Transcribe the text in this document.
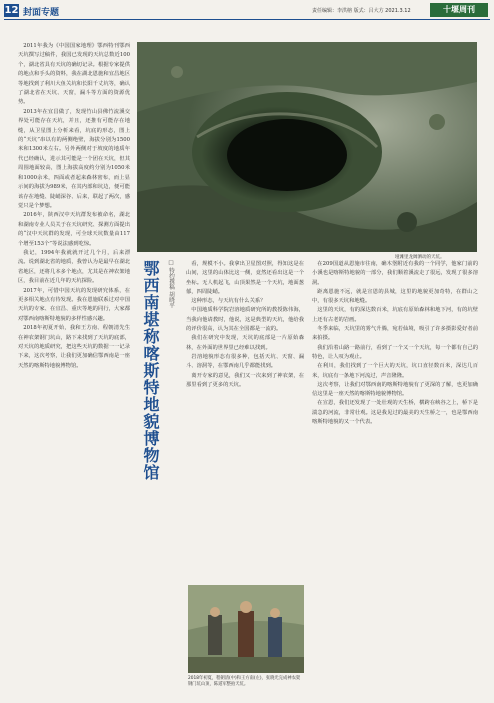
12 封面专题	责任编辑：李洪榕 版式：吕大方 2021.3.12	十堰周刊

2011年我为《中国国家地理》鄂西特刊鄂西天坑撰写过稿件，我国已发现的天坑总数近100个，湖北省具有天坑的确切记录。根据专家提供的地点和手头的资料，我在湖北恩施和宜昌地区等地找到了利川大鱼关坑和长阳千丈坑等，确认了湖北省在天坑、天窗，漏斗等方面的资源优势。

2013年在宜昌做了，发现竹山县佛竹流溪交界处可能存在天坑，并且，还推有可能存在地缝，从卫星图上分析来看，坑底的形态，图上的“天坑”串以有的两侧绝壁，海拔分别为1500米和1300米左右。另外两侧对于坡度的地质年代已经确认，进示其可能是一个团在天坑，但其周围地面较高，图上海拔高度约分别为1050米和1000余米，四面或者起来森林密布，而上显示间的海拔为989米，在其内部和坑边，便可能该存在地缝、陡峭深谷、后来，联起了两次，感觉只是个梦想。

2016年，陕西汉中天坑群发布被命名，湖北和湖南专业人员关于在天坑研究、探测方面提出的“汉中天坑群的发现，可全球天坑数量由117个增至153个”等说法感到吃惊。

我记，1994年我就就开过几个月，后来漂流。说到湖北省的地质，我曾认为是最早在湖北省地区，还将几本多个地点，尤其是在神农架地区，我目前在近几年的天坑探险。

2017年，可惜中国天坑的发现研究体系，在更多相关地点有待发现。我在恩施联系过对中国天坑的专家、在宜昌、重庆等地的同行，大家都对鄂西南喀斯特地貌的多样性感兴趣。

2018年初夏开始，我和王方南、程朝清先生在神农架钢门坑山，路下来找到了天坑的底部，对天坑的地质研究，把这些天坑的数据一一记录下来，这次考察，让我们更加确信鄂西南是一座天然的喀斯特地貌博物馆。

垭滩里龙阔洒动的天坑。
鄂西南堪称喀斯特地貌博物馆 □ 特约撰稿 胡晓平	看，规模不小。我拿出卫星图对照，得知这是在山间，这里的山体比这一侧，竟然还看出这是一个坐标。无人机起飞，山顶果然是一个天坑，地面葱郁，四周陡峭。

这种形态，与天坑有什么关系？

中国地质科学院岩溶地质研究所的教授陈伟海，当我向他请教时，他说，这是典型的天坑，他给我的评价很高，认为其在全国都是一流的。

我们在研究中发现，天坑的底部是一片原始森林，在外面的世界里已经难以找到。

岩溶地貌形态有很多种，包括天坑、天窗、漏斗、溶洞等，在鄂西南几乎都能找到。

离开专家的意见，我们又一次来到了神农架，在那里看到了更多的天坑。

2018年初夏，程朝清(中)和王方南(左)，张晓光完成神农架钢门坑山顶，陈道军整拍天坑。

在209国道从恩施市往南，确木堡附近有我的一个同学，他家门前的小溪也是喀斯特地貌的一部分，我们顺着溪流走了很远，发现了很多溶洞。

距离恩施不远，就是宣恩的县城，这里的地貌更加奇特，在群山之中，有很多天坑和地缝。

这里的天坑，有的深达数百米，坑底有原始森林和地下河，有的坑壁上还有古老的岩画。

冬季来临，天坑里的雾气升腾，宛若仙境，吸引了许多摄影爱好者前来拍摄。

我们沿着山路一路前行，看到了一个又一个天坑，每一个都有自己的特色，让人叹为观止。

在利川，我们找到了一个巨大的天坑，坑口直径数百米，深达几百米，坑底有一条地下河流过，声音隆隆。

这次考察，让我们对鄂西南的喀斯特地貌有了更深的了解，也更加确信这里是一座天然的喀斯特地貌博物馆。

在宣恩，我们还发现了一处壮观的天生桥，横跨在峡谷之上，桥下是湍急的河流，非常壮观。这是我见过的最美的天生桥之一，也是鄂西南喀斯特地貌的又一个代表。
